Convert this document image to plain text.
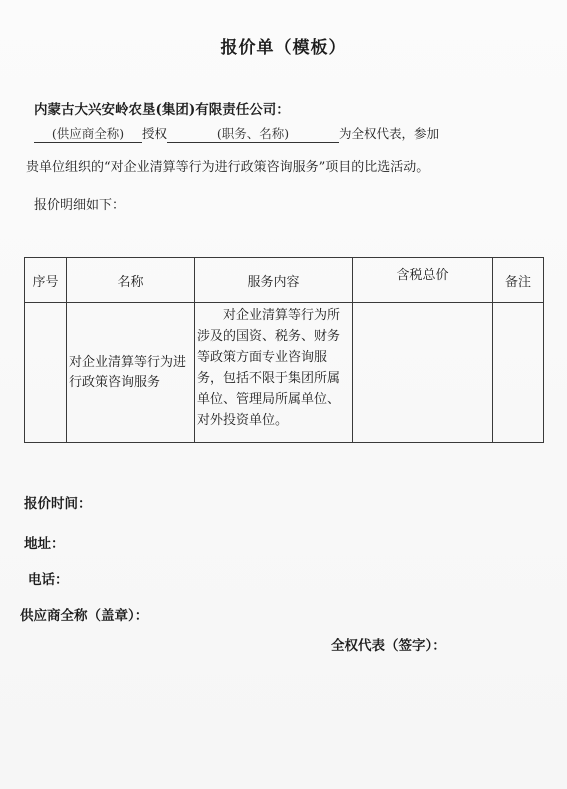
报价单（模板）
内蒙古大兴安岭农垦(集团)有限责任公司：
(供应商全称) 授权	(职务、名称)	为全权代表，参加
贵单位组织的“对企业清算等行为进行政策咨询服务”项目的比选活动。
报价明细如下：
序号	名称	服务内容	含税总价	备注
	对企业清算等行为进行政策咨询服务	对企业清算等行为所涉及的国资、税务、财务等政策方面专业咨询服务，包括不限于集团所属单位、管理局所属单位、对外投资单位。		

报价时间：
地址：
电话：
供应商全称（盖章）：
全权代表（签字）：
